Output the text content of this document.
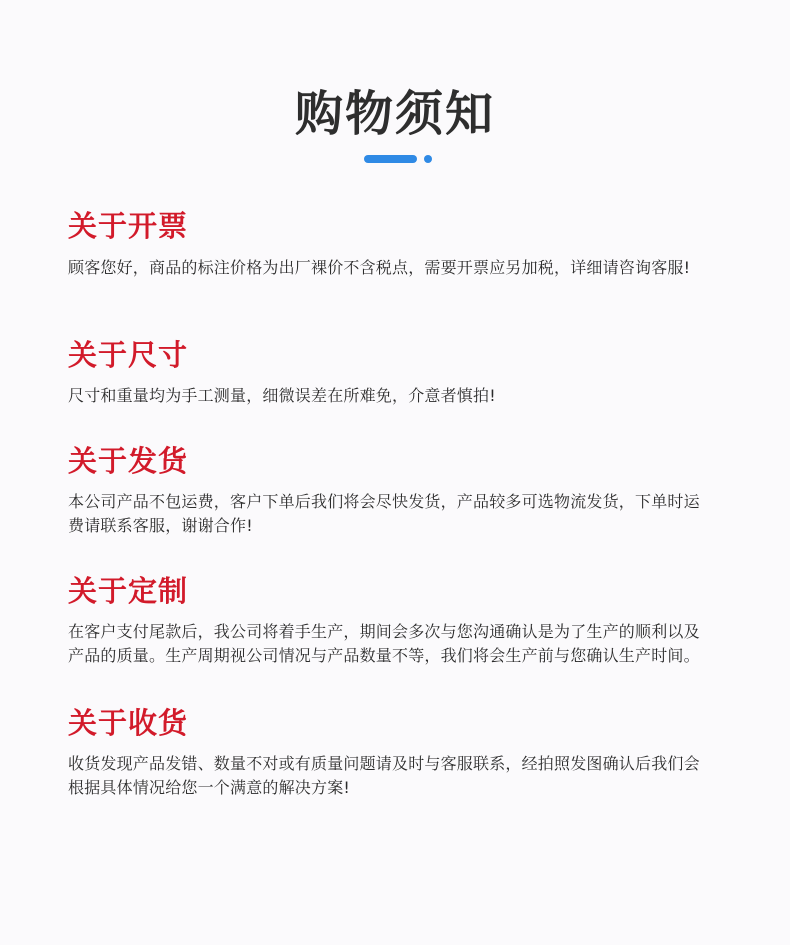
购物须知
关于开票

顾客您好，商品的标注价格为出厂裸价不含税点，需要开票应另加税，详细请咨询客服!

关于尺寸

尺寸和重量均为手工测量，细微误差在所难免，介意者慎拍!

关于发货

本公司产品不包运费，客户下单后我们将会尽快发货，产品较多可选物流发货，下单时运费请联系客服，谢谢合作!

关于定制

在客户支付尾款后，我公司将着手生产，期间会多次与您沟通确认是为了生产的顺利以及产品的质量。生产周期视公司情况与产品数量不等，我们将会生产前与您确认生产时间。

关于收货

收货发现产品发错、数量不对或有质量问题请及时与客服联系，经拍照发图确认后我们会根据具体情况给您一个满意的解决方案!
